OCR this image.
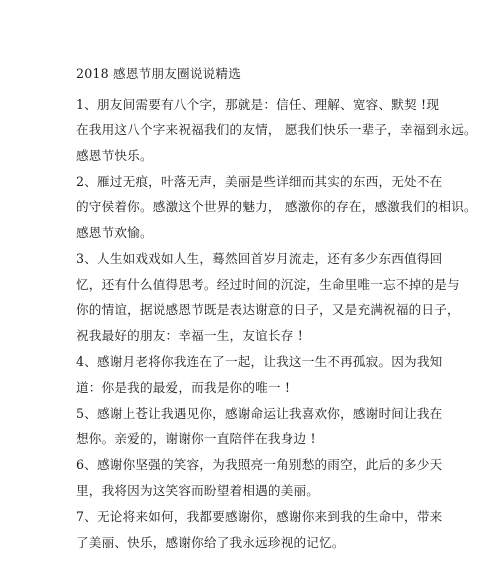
2018 感恩节朋友圈说说精选
1、朋友间需要有八个字，那就是：信任、理解、宽容、默契 !现
在我用这八个字来祝福我们的友情， 愿我们快乐一辈子，幸福到永远。
感恩节快乐。
2、雁过无痕，叶落无声，美丽是些详细而其实的东西，无处不在
的守侯着你。感激这个世界的魅力， 感激你的存在，感激我们的相识。
感恩节欢愉。
3、人生如戏戏如人生，蓦然回首岁月流走，还有多少东西值得回
忆，还有什么值得思考。经过时间的沉淀，生命里唯一忘不掉的是与
你的情谊，据说感恩节既是表达谢意的日子，又是充满祝福的日子，
祝我最好的朋友：幸福一生，友谊长存 !
4、感谢月老将你我连在了一起，让我这一生不再孤寂。因为我知
道：你是我的最爱，而我是你的唯一 !
5、感谢上苍让我遇见你，感谢命运让我喜欢你，感谢时间让我在
想你。亲爱的，谢谢你一直陪伴在我身边 !
6、感谢你坚强的笑容，为我照亮一角别愁的雨空，此后的多少天
里，我将因为这笑容而盼望着相遇的美丽。
7、无论将来如何，我都要感谢你，感谢你来到我的生命中，带来
了美丽、快乐，感谢你给了我永远珍视的记忆。
